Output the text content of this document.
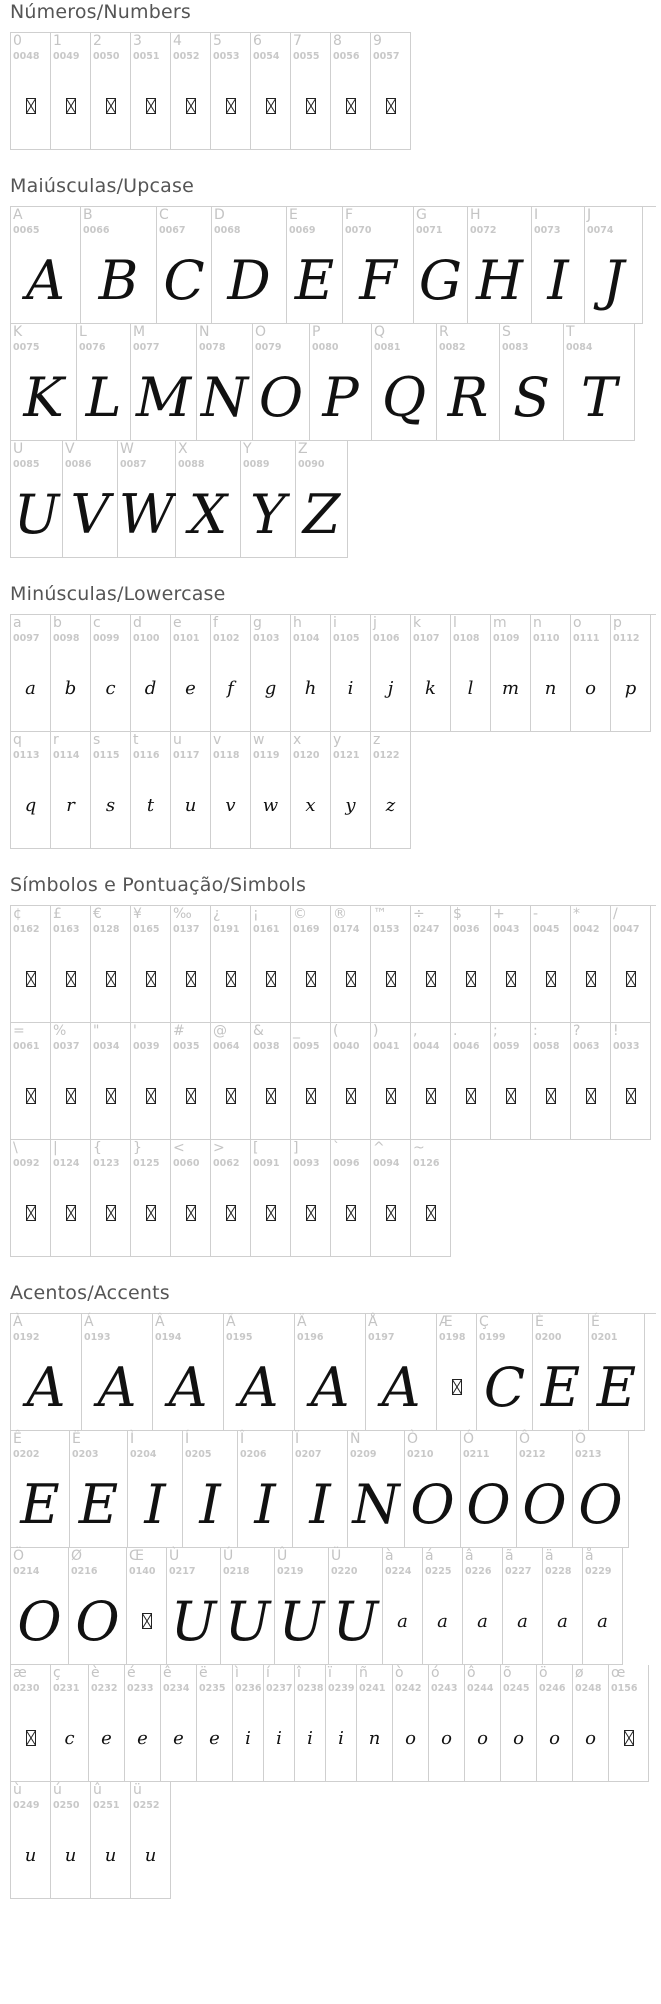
Números/Numbers
0
0048
1
0049
2
0050
3
0051
4
0052
5
0053
6
0054
7
0055
8
0056
9
0057
Maiúsculas/Upcase
A
0065
A
B
0066
B
C
0067
C
D
0068
D
E
0069
E
F
0070
F
G
0071
G
H
0072
H
I
0073
I
J
0074
J
K
0075
K
L
0076
L
M
0077
M
N
0078
N
O
0079
O
P
0080
P
Q
0081
Q
R
0082
R
S
0083
S
T
0084
T
U
0085
U
V
0086
V
W
0087
W
X
0088
X
Y
0089
Y
Z
0090
Z
Minúsculas/Lowercase
a
0097
a
b
0098
b
c
0099
c
d
0100
d
e
0101
e
f
0102
f
g
0103
g
h
0104
h
i
0105
i
j
0106
j
k
0107
k
l
0108
l
m
0109
m
n
0110
n
o
0111
o
p
0112
p
q
0113
q
r
0114
r
s
0115
s
t
0116
t
u
0117
u
v
0118
v
w
0119
w
x
0120
x
y
0121
y
z
0122
z
Símbolos e Pontuação/Simbols
¢
0162
£
0163
€
0128
¥
0165
‰
0137
¿
0191
¡
0161
©
0169
®
0174
™
0153
÷
0247
$
0036
+
0043
-
0045
*
0042
/
0047
=
0061
%
0037
"
0034
'
0039
#
0035
@
0064
&
0038
_
0095
(
0040
)
0041
,
0044
.
0046
;
0059
:
0058
?
0063
!
0033
\
0092
|
0124
{
0123
}
0125
<
0060
>
0062
[
0091
]
0093
`
0096
^
0094
~
0126
Acentos/Accents
À
0192
A
Á
0193
A
Â
0194
A
Ã
0195
A
Ä
0196
A
Å
0197
A
Æ
0198
Ç
0199
C
È
0200
E
É
0201
E
Ê
0202
E
Ë
0203
E
Ì
0204
I
Í
0205
I
Î
0206
I
Ï
0207
I
Ñ
0209
N
Ò
0210
O
Ó
0211
O
Ô
0212
O
Õ
0213
O
Ö
0214
O
Ø
0216
O
Œ
0140
Ù
0217
U
Ú
0218
U
Û
0219
U
Ü
0220
U
à
0224
a
á
0225
a
â
0226
a
ã
0227
a
ä
0228
a
å
0229
a
æ
0230
ç
0231
c
è
0232
e
é
0233
e
ê
0234
e
ë
0235
e
ì
0236
i
í
0237
i
î
0238
i
ï
0239
i
ñ
0241
n
ò
0242
o
ó
0243
o
ô
0244
o
õ
0245
o
ö
0246
o
ø
0248
o
œ
0156
ù
0249
u
ú
0250
u
û
0251
u
ü
0252
u
